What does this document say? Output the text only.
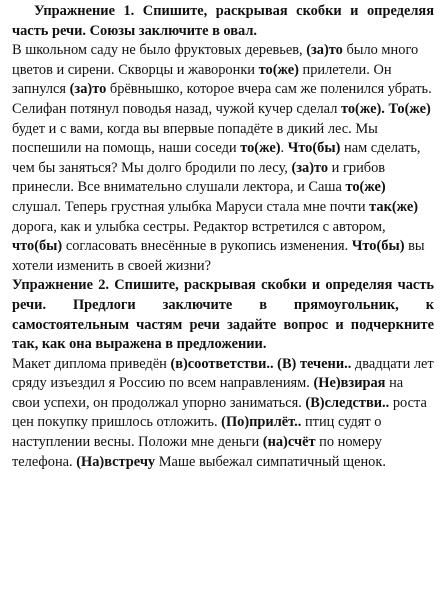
Упражнение 1. Спишите, раскрывая скобки и определяя часть речи. Союзы заключите в овал.
В школьном саду не было фруктовых деревьев, (за)то было много цветов и сирени. Скворцы и жаворонки то(же) прилетели. Он запнулся (за)то брёвнышко, которое вчера сам же поленился убрать. Селифан потянул поводья назад, чужой кучер сделал то(же). То(же) будет и с вами, когда вы впервые попадёте в дикий лес. Мы поспешили на помощь, наши соседи то(же). Что(бы) нам сделать, чем бы заняться? Мы долго бродили по лесу, (за)то и грибов принесли. Все внимательно слушали лектора, и Саша то(же) слушал. Теперь грустная улыбка Маруси стала мне почти так(же) дорога, как и улыбка сестры. Редактор встретился с автором, что(бы) согласовать внесённые в рукопись изменения. Что(бы) вы хотели изменить в своей жизни?
Упражнение 2. Спишите, раскрывая скобки и определяя часть речи. Предлоги заключите в прямоугольник, к самостоятельным частям речи задайте вопрос и подчеркните так, как она выражена в предложении.
Макет диплома приведён (в)соответстви.. (В) течени.. двадцати лет сряду изъездил я Россию по всем направлениям. (Не)взирая на свои успехи, он продолжал упорно заниматься. (В)следстви.. роста цен покупку пришлось отложить. (По)прилёт.. птиц судят о наступлении весны. Положи мне деньги (на)счёт по номеру телефона. (На)встречу Маше выбежал симпатичный щенок.
